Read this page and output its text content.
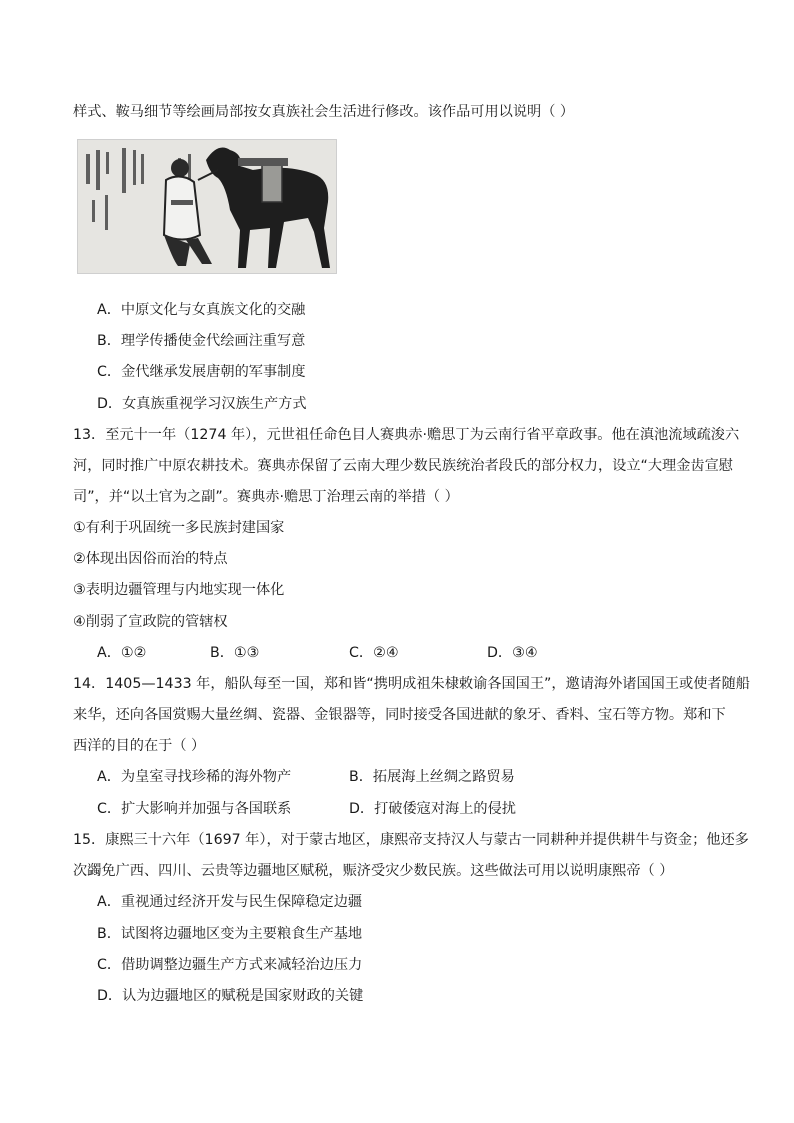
样式、鞍马细节等绘画局部按女真族社会生活进行修改。该作品可用以说明（ ）
A．中原文化与女真族文化的交融
B．理学传播使金代绘画注重写意
C．金代继承发展唐朝的军事制度
D．女真族重视学习汉族生产方式
13．至元十一年（1274 年），元世祖任命色目人赛典赤·赡思丁为云南行省平章政事。他在滇池流域疏浚六
河，同时推广中原农耕技术。赛典赤保留了云南大理少数民族统治者段氏的部分权力，设立“大理金齿宣慰
司”，并“以土官为之副”。赛典赤·赡思丁治理云南的举措（ ）
①有利于巩固统一多民族封建国家
②体现出因俗而治的特点
③表明边疆管理与内地实现一体化
④削弱了宣政院的管辖权
A．①②	B．①③	C．②④	D．③④
14．1405—1433 年，船队每至一国，郑和皆“携明成祖朱棣敕谕各国国王”，邀请海外诸国国王或使者随船
来华，还向各国赏赐大量丝绸、瓷器、金银器等，同时接受各国进献的象牙、香料、宝石等方物。郑和下
西洋的目的在于（ ）
A．为皇室寻找珍稀的海外物产	B．拓展海上丝绸之路贸易
C．扩大影响并加强与各国联系	D．打破倭寇对海上的侵扰
15．康熙三十六年（1697 年），对于蒙古地区，康熙帝支持汉人与蒙古一同耕种并提供耕牛与资金；他还多
次蠲免广西、四川、云贵等边疆地区赋税，赈济受灾少数民族。这些做法可用以说明康熙帝（ ）
A．重视通过经济开发与民生保障稳定边疆
B．试图将边疆地区变为主要粮食生产基地
C．借助调整边疆生产方式来减轻治边压力
D．认为边疆地区的赋税是国家财政的关键
